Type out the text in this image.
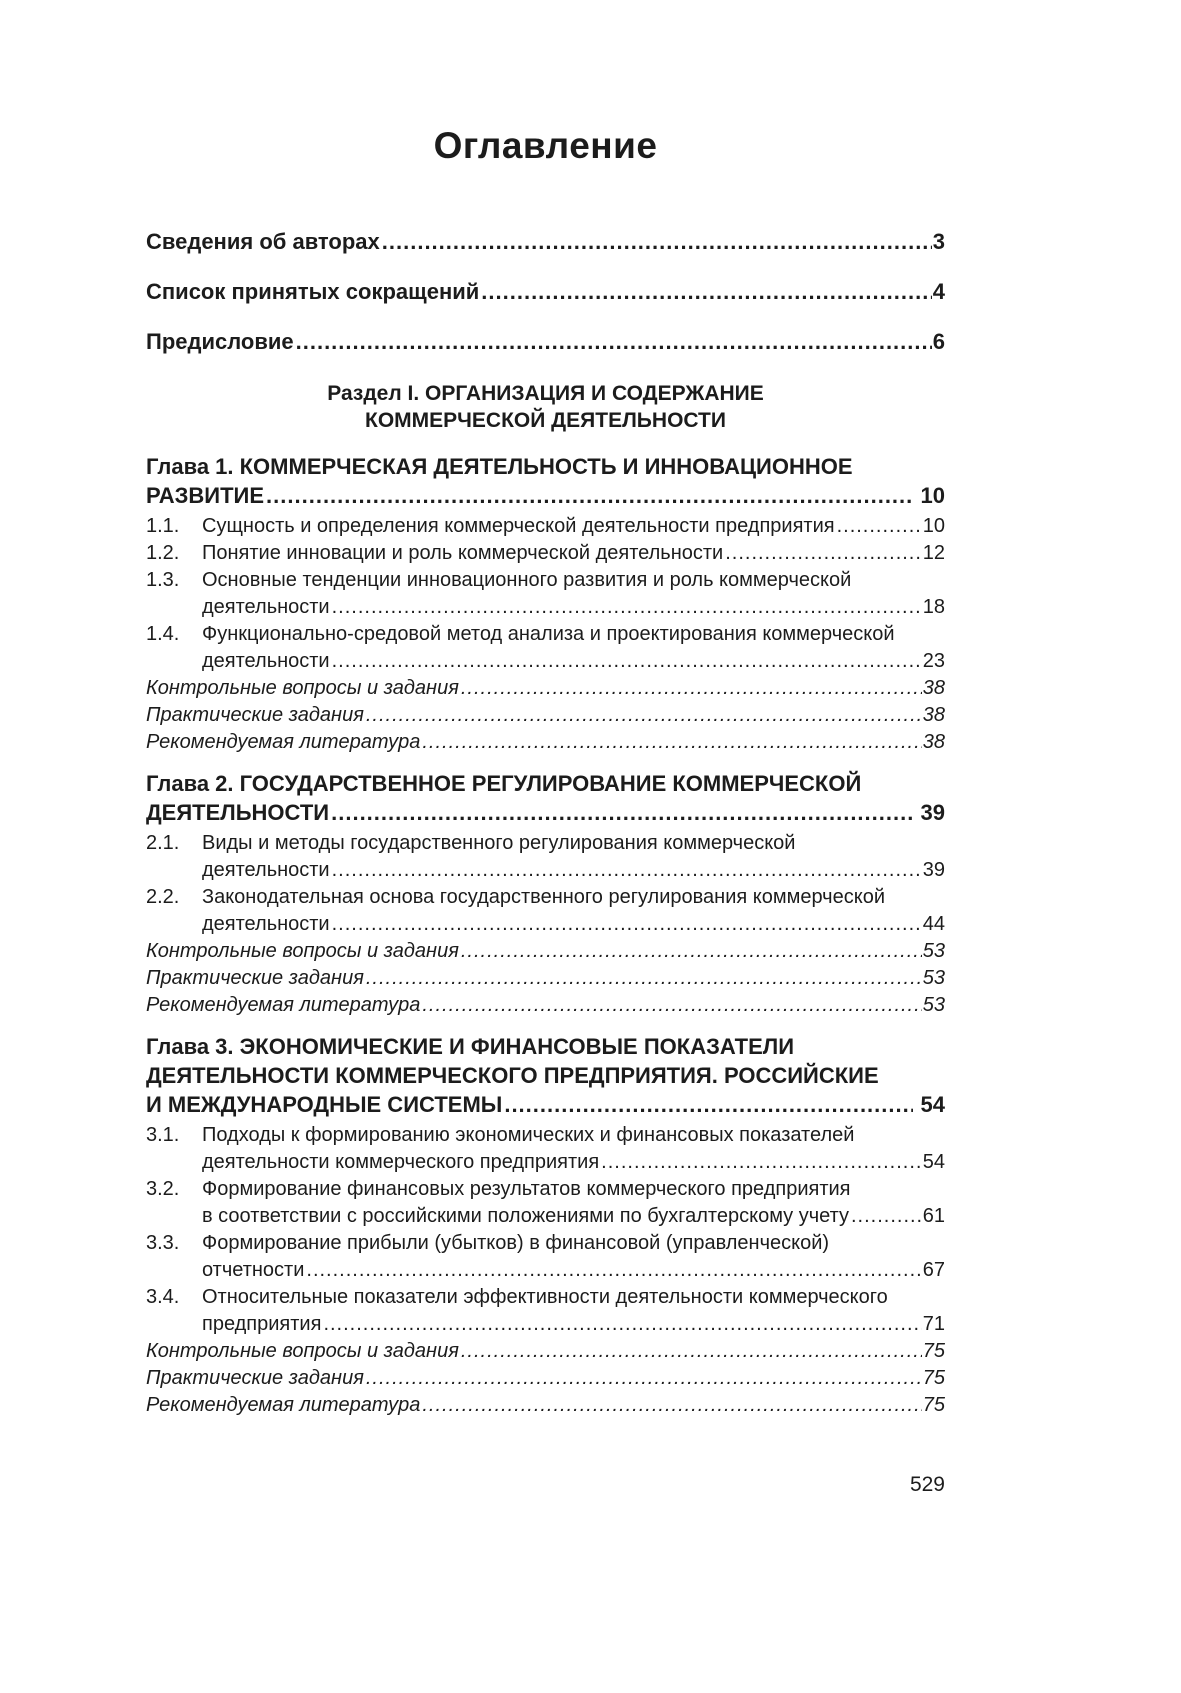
Оглавление
Сведения об авторах .....	3
Список принятых сокращений .....	4
Предисловие .....	6
Раздел I. ОРГАНИЗАЦИЯ И СОДЕРЖАНИЕ
КОММЕРЧЕСКОЙ ДЕЯТЕЛЬНОСТИ
Глава 1. КОММЕРЧЕСКАЯ ДЕЯТЕЛЬНОСТЬ И ИННОВАЦИОННОЕ
РАЗВИТИЕ .....	10
1.1.	Сущность и определения коммерческой деятельности предприятия .....	10
1.2.	Понятие инновации и роль коммерческой деятельности .....	12
1.3.	Основные тенденции инновационного развития и роль коммерческой
деятельности .....	18
1.4.	Функционально-средовой метод анализа и проектирования коммерческой
деятельности .....	23
Контрольные вопросы и задания .....	38
Практические задания .....	38
Рекомендуемая литература .....	38
Глава 2. ГОСУДАРСТВЕННОЕ РЕГУЛИРОВАНИЕ КОММЕРЧЕСКОЙ
ДЕЯТЕЛЬНОСТИ .....	39
2.1.	Виды и методы государственного регулирования коммерческой
деятельности .....	39
2.2.	Законодательная основа государственного регулирования коммерческой
деятельности .....	44
Контрольные вопросы и задания .....	53
Практические задания .....	53
Рекомендуемая литература .....	53
Глава 3. ЭКОНОМИЧЕСКИЕ И ФИНАНСОВЫЕ ПОКАЗАТЕЛИ
ДЕЯТЕЛЬНОСТИ КОММЕРЧЕСКОГО ПРЕДПРИЯТИЯ. РОССИЙСКИЕ
И МЕЖДУНАРОДНЫЕ СИСТЕМЫ .....	54
3.1.	Подходы к формированию экономических и финансовых показателей
деятельности коммерческого предприятия .....	54
3.2.	Формирование финансовых результатов коммерческого предприятия
в соответствии с российскими положениями по бухгалтерскому учету .....	61
3.3.	Формирование прибыли (убытков) в финансовой (управленческой)
отчетности .....	67
3.4.	Относительные показатели эффективности деятельности коммерческого
предприятия .....	71
Контрольные вопросы и задания .....	75
Практические задания .....	75
Рекомендуемая литература .....	75
529
